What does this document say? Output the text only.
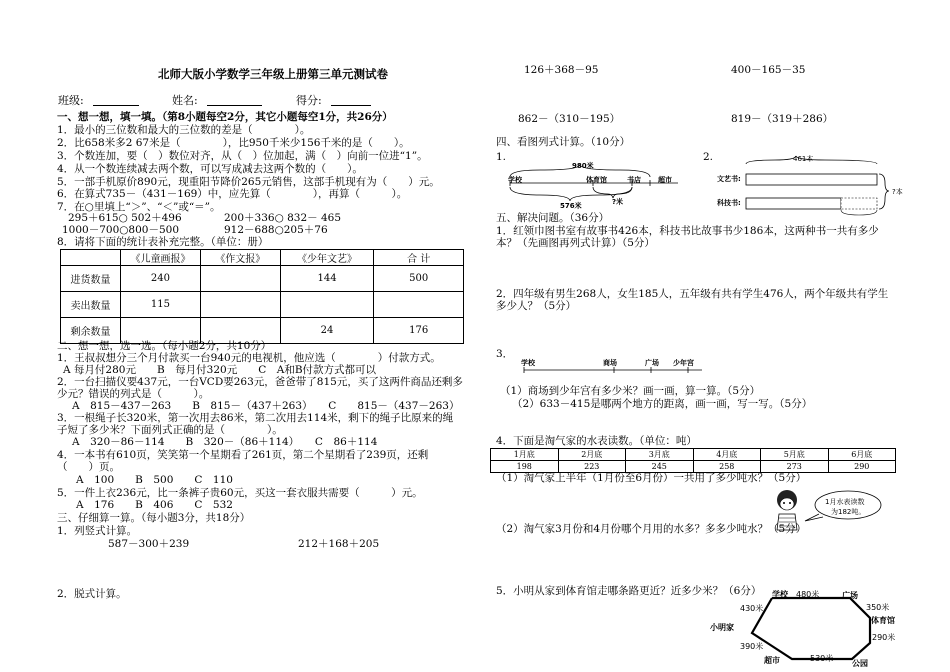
北师大版小学数学三年级上册第三单元测试卷
班级:	姓名:	得分:
一、想一想，填一填。（第8小题每空2分，其它小题每空1分，共26分）
1．最小的三位数和最大的三位数的差是（　　　　）。
2．比658米多2 67米是（　　　　），比950千米少156千米的是（　　）。
3．个数连加，要（　）数位对齐，从（　）位加起，满（　）向前一位进“1”。
4．从一个数连续减去两个数，可以写成减去这两个数的（　　）。
5．一部手机原价890元，现重阳节降价265元销售，这部手机现有为（　　）元。
6．在算式735－（431－169）中，应先算（　　　　），再算（　　　）。
7．在○里填上“＞”、“＜”或“＝”。
295＋615○ 502＋496	200＋336○ 832－ 465
1000－700○800－500	912－688○205＋76
8．请将下面的统计表补充完整。（单位：册）
	《儿童画报》	《作文报》	《少年文艺》	合 计
进货数量	240		144	500
卖出数量	115			
剩余数量			24	176
二、想一想，选一选。（每小题2分，共10分）
1．王叔叔想分三个月付款买一台940元的电视机，他应选（　　　　）付款方式。
A 每月付280元　　B　每月付320元　　C　A和B付款方式都可以
2．一台扫描仪要437元，一台VCD要263元，爸爸带了815元，买了这两件商品还剩多
少元？错误的列式是（　　　）。
A　815－437－263　　B　815－（437＋263）　　C　　815－（437－263）
3．一根绳子长320米，第一次用去86米，第二次用去114米，剩下的绳子比原来的绳
子短了多少米？下面列式正确的是（　　　　）。
A　320－86－114　　B　320－（86＋114）　　C　86＋114
4．一本书有610页，笑笑第一个星期看了261页，第二个星期看了239页，还剩
（　　）页。
A　100　　B　500　　C　110
5．一件上衣236元，比一条裤子贵60元，买这一套衣服共需要（　　　）元。
A　176　　B　406　　C　532
三、仔细算一算。（每小题3分，共18分）
1．列竖式计算。
587－300＋239	212＋168＋205
2．脱式计算。
126＋368－95	400－165－35
862－（310－195）	819－（319＋286）
四、看图列式计算。（10分）
1.	2.
980米
学校	体育馆	书店 超市
576米	?米
461本
文艺书:
科技书:
?本
五、解决问题。（36分）
1．红领巾图书室有故事书426本，科技书比故事书少186本，这两种书一共有多少
本？（先画图再列式计算）（5分）
2．四年级有男生268人，女生185人，五年级有共有学生476人，两个年级共有学生
多少人？（5分）
3．
学校	商场	广场 少年宫
（1）商场到少年宫有多少米？画一画，算一算。（5分）
（2）633－415是哪两个地方的距离，画一画，写一写。（5分）
4．下面是淘气家的水表读数。（单位：吨）
1月底	2月底	3月底	4月底	5月底	6月底
198	223	245	258	273	290
（1）淘气家上半年（1月份至6月份）一共用了多少吨水？（5分）
1月水表读数
为182吨。
（2）淘气家3月份和4月份哪个月用的水多？多多少吨水？（5分）
5．小明从家到体育馆走哪条路更近？近多少米？（6分） 学校	广场
体育馆
小明家
超市	公园
480米
430米	350米
290米
390米
530米
